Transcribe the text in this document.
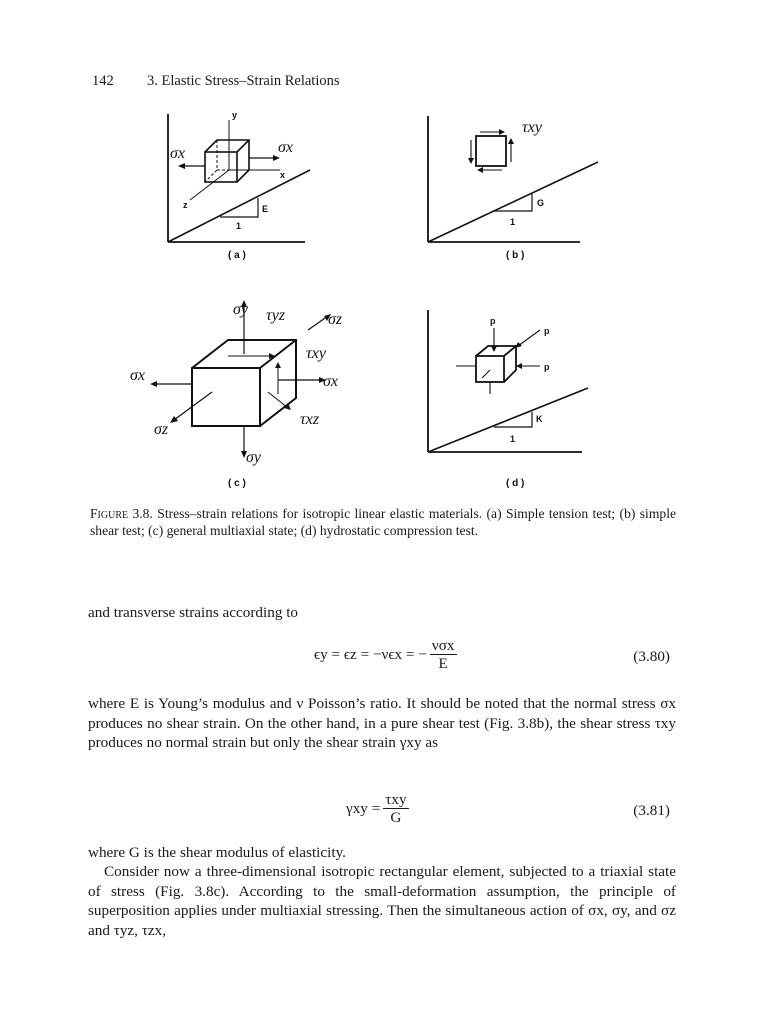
142 3. Elastic Stress–Strain Relations
E
1
y
x
z
σx	σx
( a )
G
1
τxy
( b )
σy τyz	σz
τxy
σx
σx
σz
τxz
σy
( c )
K
1
p
p
p
( d )
Figure 3.8. Stress–strain relations for isotropic linear elastic materials. (a) Simple tension test; (b) simple shear test; (c) general multiaxial state; (d) hydrostatic compression test.
and transverse strains according to
ϵy = ϵz = −νϵx = − $\frac{\text{νσx}}{E}$	(3.80)
where E is Young’s modulus and ν Poisson’s ratio. It should be noted that the normal stress σx produces no shear strain. On the other hand, in a pure shear test (Fig. 3.8b), the shear stress τxy produces no normal strain but only the shear strain γxy as
$\gamma xy = \frac{\text{τxy}}{G}$	(3.81)
where G is the shear modulus of elasticity.
Consider now a three-dimensional isotropic rectangular element, subjected to a triaxial state of stress (Fig. 3.8c). According to the small-deformation assumption, the principle of superposition applies under multiaxial stressing. Then the simultaneous action of σx, σy, and σz and τyz, τzx,
